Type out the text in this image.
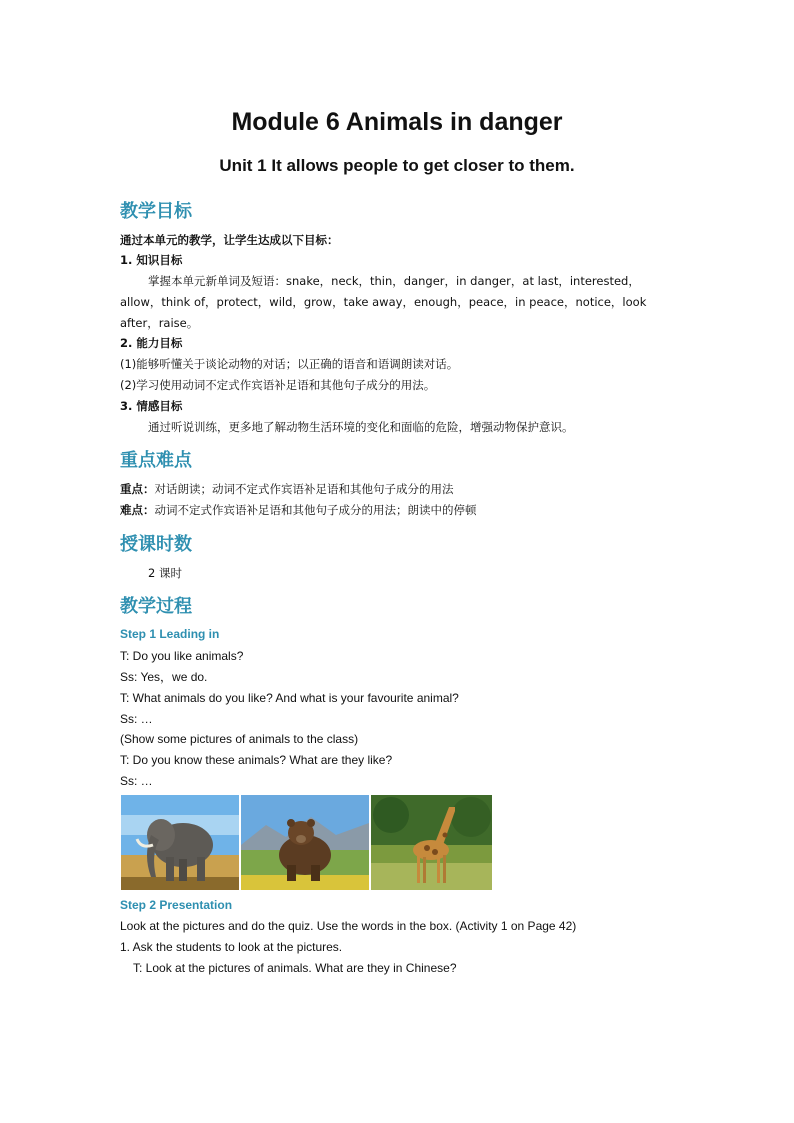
Module 6 Animals in danger
Unit 1 It allows people to get closer to them.
教学目标
通过本单元的教学，让学生达成以下目标：
1. 知识目标
掌握本单元新单词及短语：snake，neck，thin，danger，in danger，at last，interested，
allow，think of，protect，wild，grow，take away，enough，peace，in peace，notice，look
after，raise。
2. 能力目标
(1)能够听懂关于谈论动物的对话；以正确的语音和语调朗读对话。
(2)学习使用动词不定式作宾语补足语和其他句子成分的用法。
3. 情感目标
通过听说训练，更多地了解动物生活环境的变化和面临的危险，增强动物保护意识。
重点难点
重点：对话朗读；动词不定式作宾语补足语和其他句子成分的用法
难点：动词不定式作宾语补足语和其他句子成分的用法；朗读中的停顿
授课时数
2 课时
教学过程
Step 1 Leading in
T: Do you like animals?
Ss: Yes，we do.
T: What animals do you like? And what is your favourite animal?
Ss: …
(Show some pictures of animals to the class)
T: Do you know these animals? What are they like?
Ss: …
Step 2 Presentation
Look at the pictures and do the quiz. Use the words in the box. (Activity 1 on Page 42)
1. Ask the students to look at the pictures.
T: Look at the pictures of animals. What are they in Chinese?
